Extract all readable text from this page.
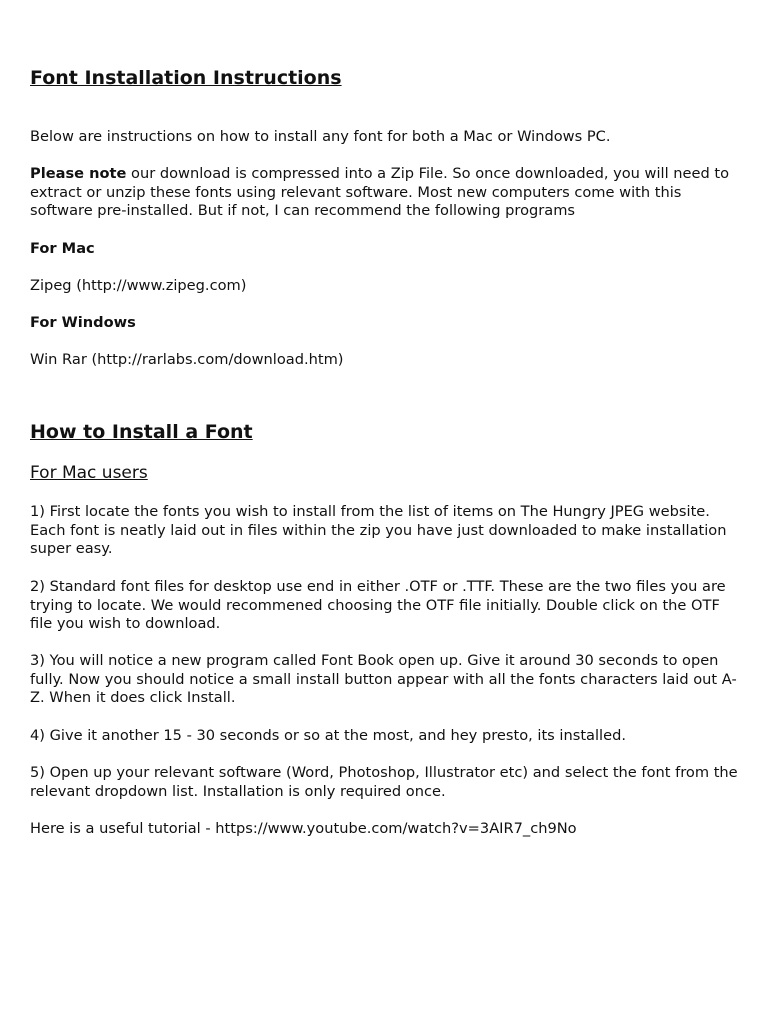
Font Installation Instructions

Below are instructions on how to install any font for both a Mac or Windows PC.

Please note our download is compressed into a Zip File. So once downloaded, you will need to extract or unzip these fonts using relevant software. Most new computers come with this software pre-installed. But if not, I can recommend the following programs

For Mac

Zipeg (http://www.zipeg.com)

For Windows

Win Rar (http://rarlabs.com/download.htm)

How to Install a Font
For Mac users

1) First locate the fonts you wish to install from the list of items on The Hungry JPEG website. Each font is neatly laid out in files within the zip you have just downloaded to make installation super easy.

2) Standard font files for desktop use end in either .OTF or .TTF. These are the two files you are trying to locate. We would recommened choosing the OTF file initially. Double click on the OTF file you wish to download.

3) You will notice a new program called Font Book open up. Give it around 30 seconds to open fully. Now you should notice a small install button appear with all the fonts characters laid out A-Z. When it does click Install.

4) Give it another 15 - 30 seconds or so at the most, and hey presto, its installed.

5) Open up your relevant software (Word, Photoshop, Illustrator etc) and select the font from the relevant dropdown list. Installation is only required once.

Here is a useful tutorial - https://www.youtube.com/watch?v=3AIR7_ch9No
